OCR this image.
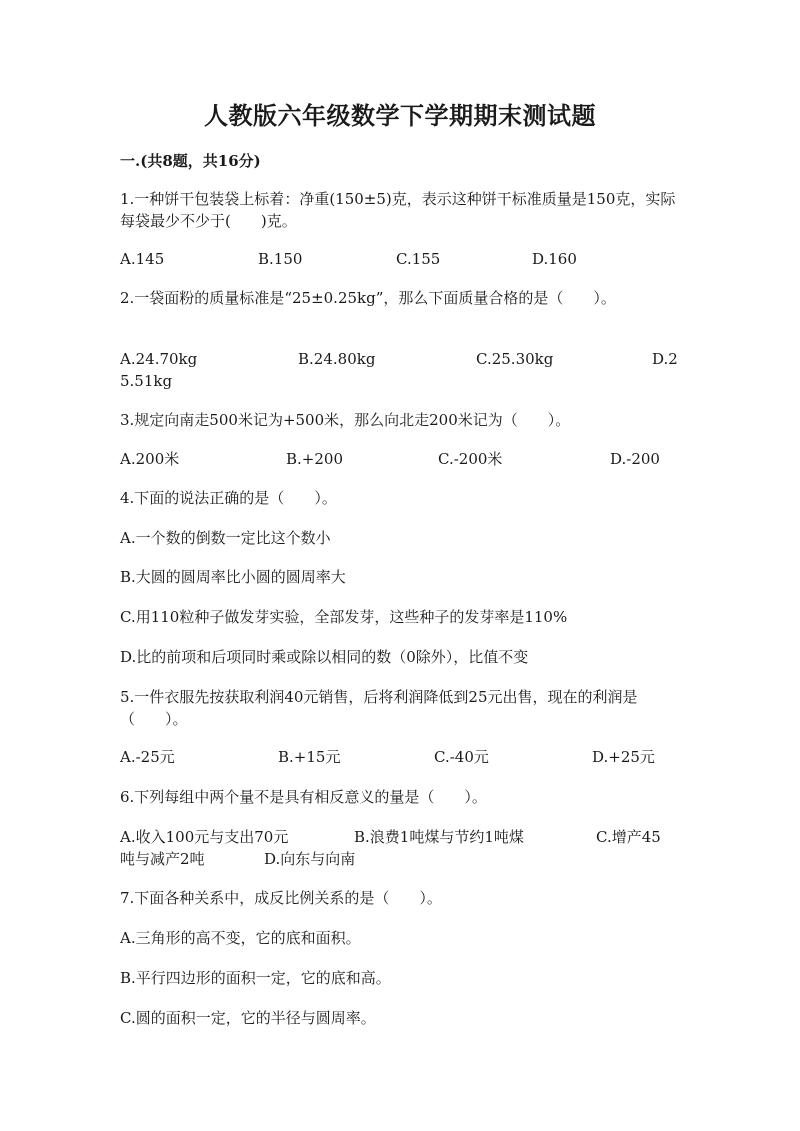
人教版六年级数学下学期期末测试题
一.(共8题，共16分)
1.一种饼干包装袋上标着：净重(150±5)克，表示这种饼干标准质量是150克，实际每袋最少不少于(　　)克。
A.145	B.150	C.155	D.160
2.一袋面粉的质量标准是“25±0.25kg”，那么下面质量合格的是（　　）。
A.24.70kg	B.24.80kg	C.25.30kg	D.2
5.51kg
3.规定向南走500米记为+500米，那么向北走200米记为（　　）。
A.200米	B.+200	C.-200米	D.-200
4.下面的说法正确的是（　　）。
A.一个数的倒数一定比这个数小
B.大圆的圆周率比小圆的圆周率大
C.用110粒种子做发芽实验，全部发芽，这些种子的发芽率是110%
D.比的前项和后项同时乘或除以相同的数（0除外），比值不变
5.一件衣服先按获取利润40元销售，后将利润降低到25元出售，现在的利润是（　　）。
A.-25元	B.+15元	C.-40元	D.+25元
6.下列每组中两个量不是具有相反意义的量是（　　）。
A.收入100元与支出70元	B.浪费1吨煤与节约1吨煤	C.增产45
吨与减产2吨	D.向东与向南
7.下面各种关系中，成反比例关系的是（　　）。
A.三角形的高不变，它的底和面积。
B.平行四边形的面积一定，它的底和高。
C.圆的面积一定，它的半径与圆周率。
